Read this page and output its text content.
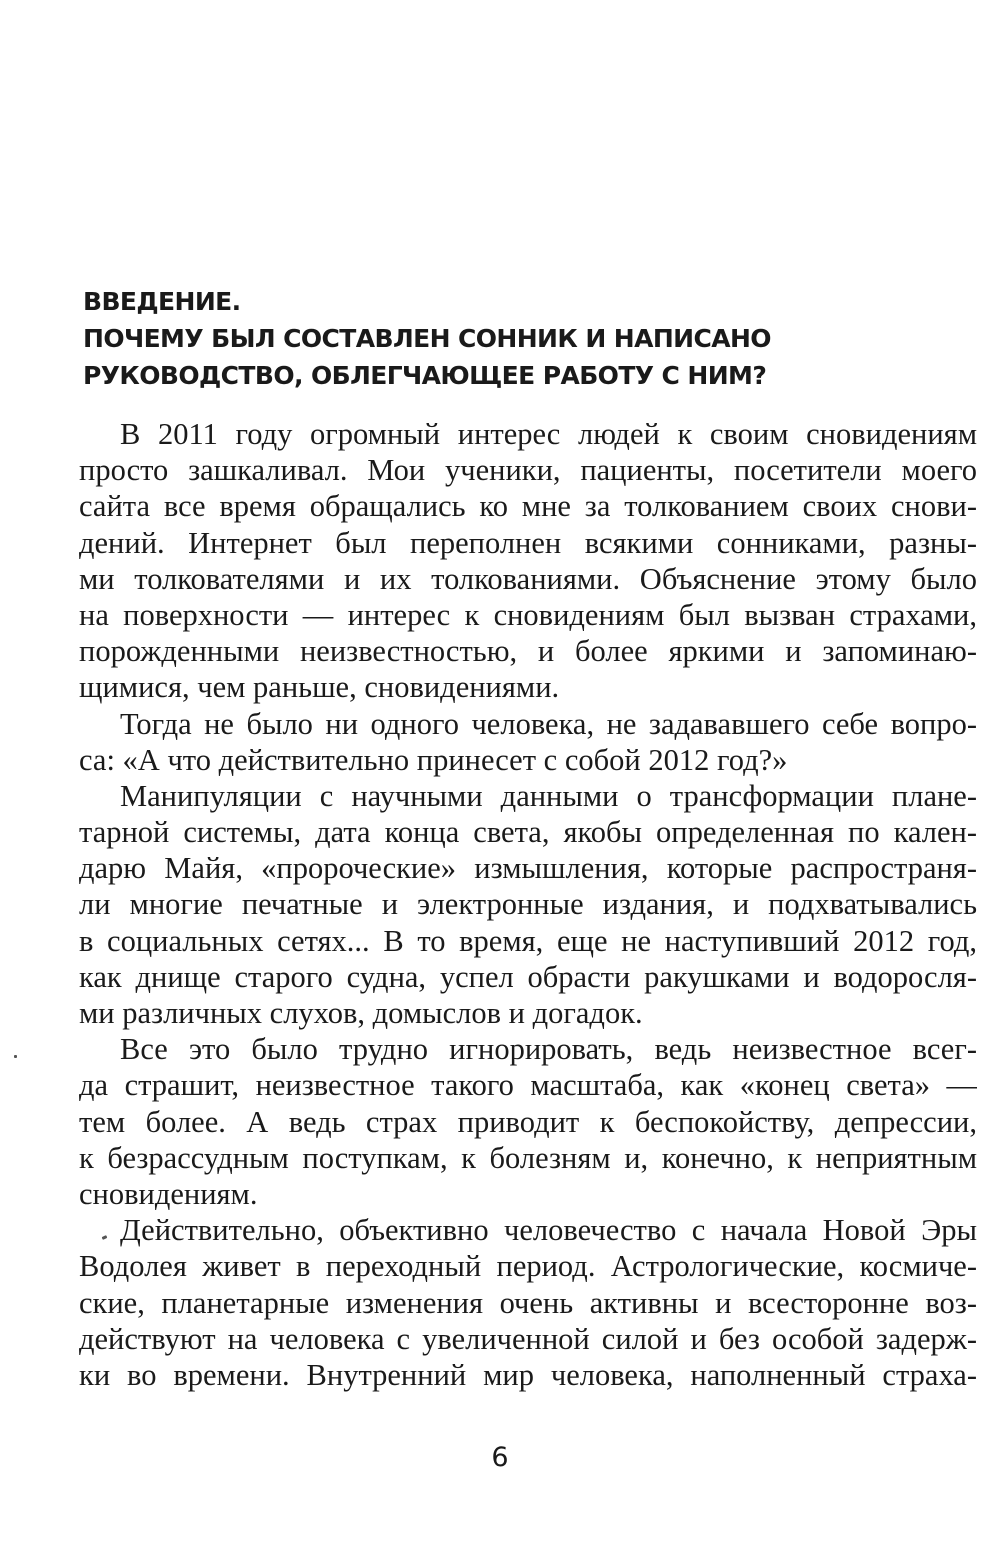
ВВЕДЕНИЕ.
ПОЧЕМУ БЫЛ СОСТАВЛЕН СОННИК И НАПИСАНО
РУКОВОДСТВО, ОБЛЕГЧАЮЩЕЕ РАБОТУ С НИМ?
В 2011 году огромный интерес людей к своим сновидениям
просто зашкаливал. Мои ученики, пациенты, посетители моего
сайта все время обращались ко мне за толкованием своих снови-
дений. Интернет был переполнен всякими сонниками, разны-
ми толкователями и их толкованиями. Объяснение этому было
на поверхности — интерес к сновидениям был вызван страхами,
порожденными неизвестностью, и более яркими и запоминаю-
щимися, чем раньше, сновидениями.
Тогда не было ни одного человека, не задававшего себе вопро-
са: «А что действительно принесет с собой 2012 год?»
Манипуляции с научными данными о трансформации плане-
тарной системы, дата конца света, якобы определенная по кален-
дарю Майя, «пророческие» измышления, которые распространя-
ли многие печатные и электронные издания, и подхватывались
в социальных сетях... В то время, еще не наступивший 2012 год,
как днище старого судна, успел обрасти ракушками и водоросля-
ми различных слухов, домыслов и догадок.
Все это было трудно игнорировать, ведь неизвестное всег-
да страшит, неизвестное такого масштаба, как «конец света» —
тем более. А ведь страх приводит к беспокойству, депрессии,
к безрассудным поступкам, к болезням и, конечно, к неприятным
сновидениям.
Действительно, объективно человечество с начала Новой Эры
Водолея живет в переходный период. Астрологические, космиче-
ские, планетарные изменения очень активны и всесторонне воз-
действуют на человека с увеличенной силой и без особой задерж-
ки во времени. Внутренний мир человека, наполненный страха-
6
